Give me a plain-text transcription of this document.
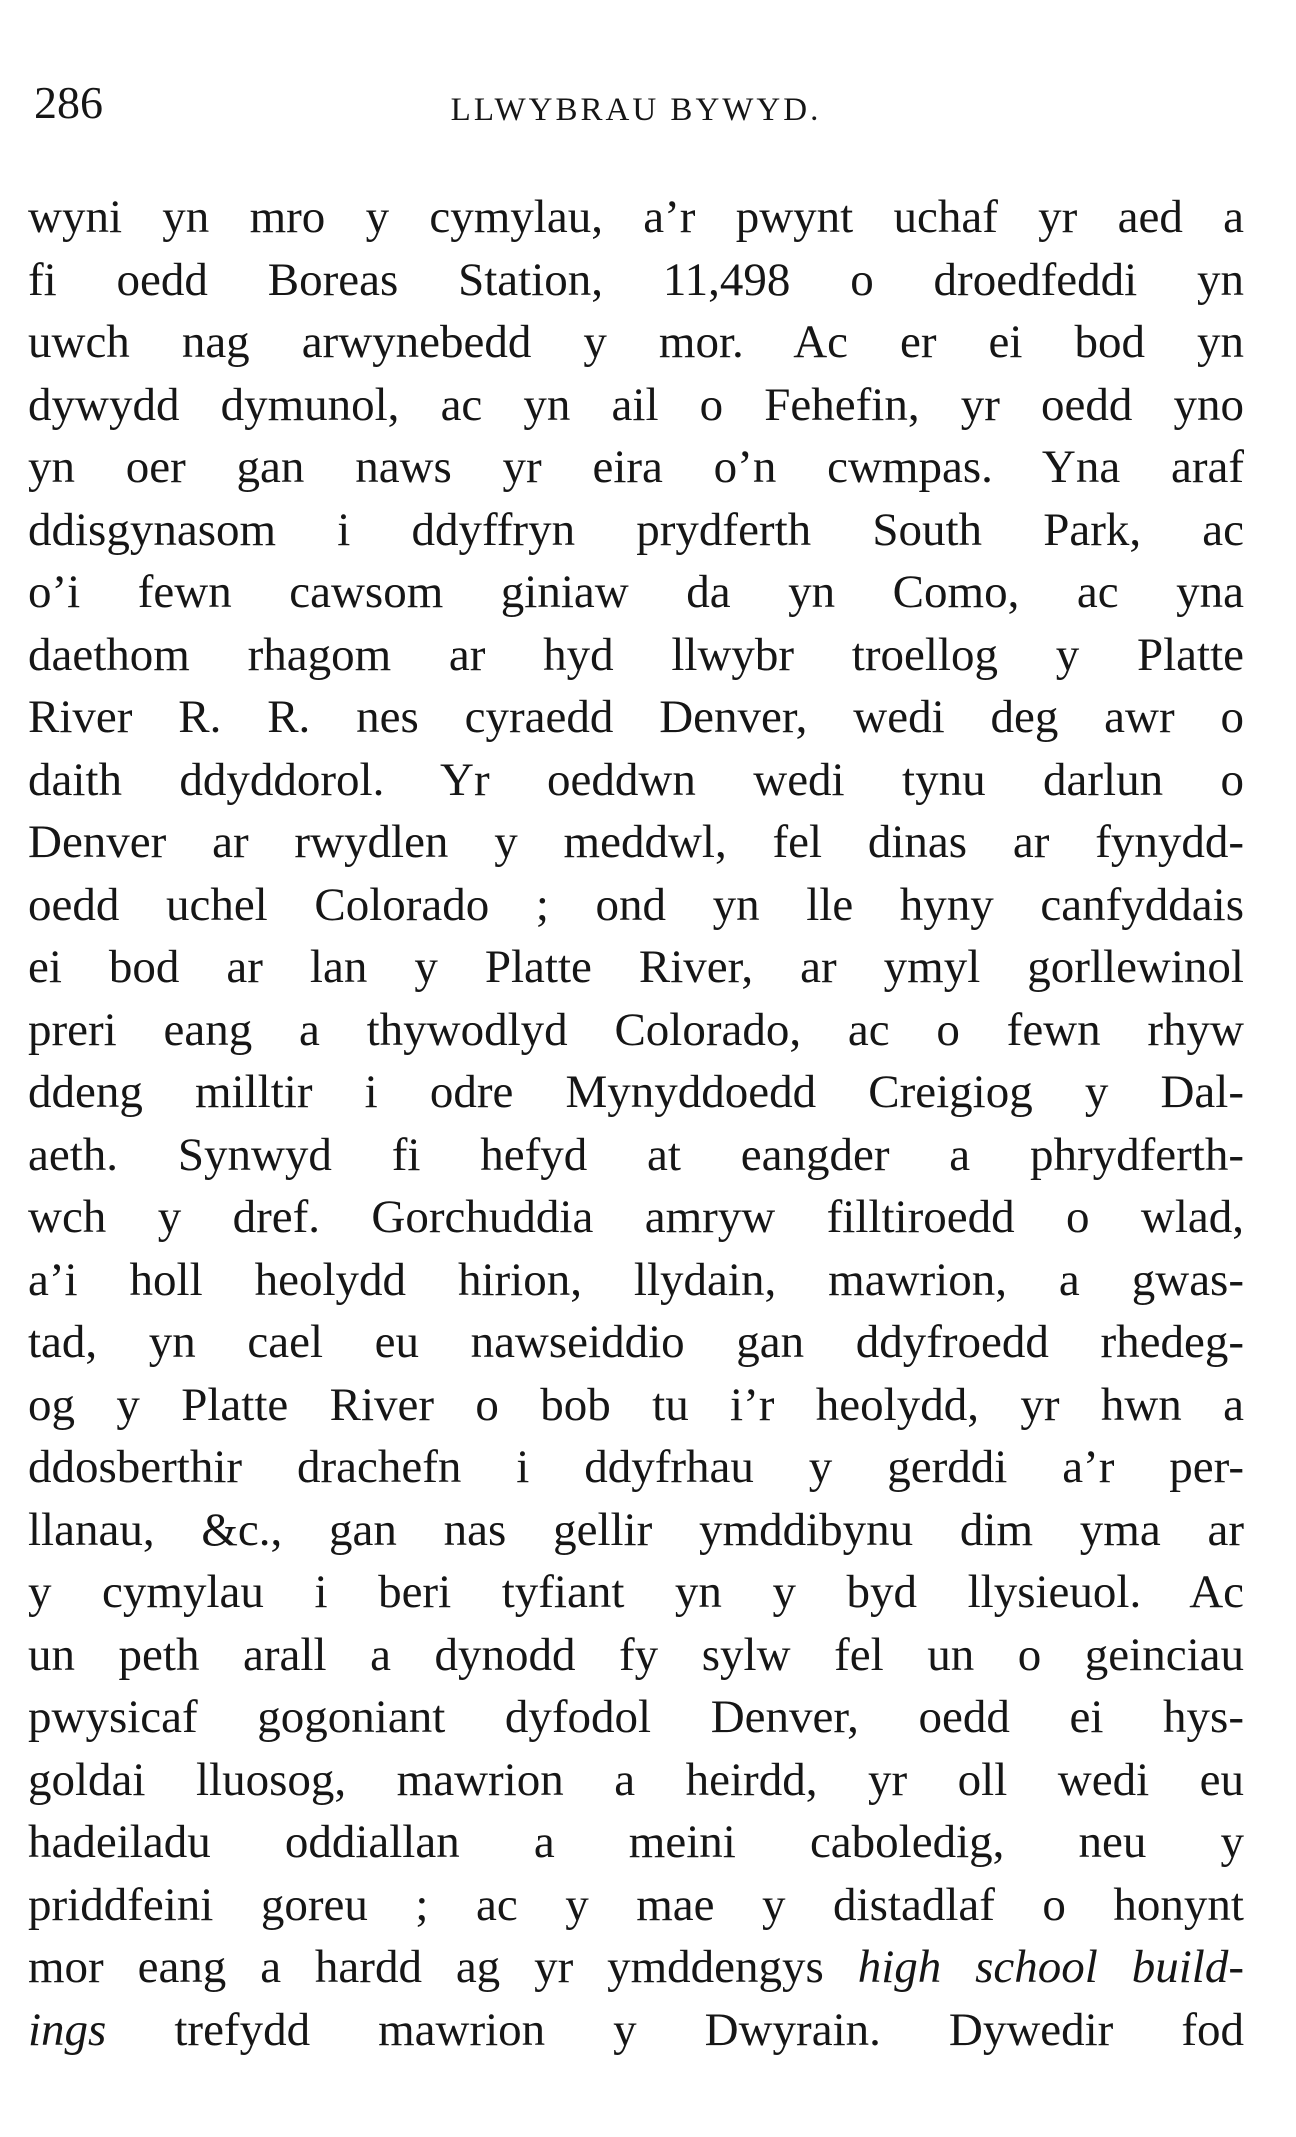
286	LLWYBRAU BYWYD.
wyni yn mro y cymylau, a’r pwynt uchaf yr aed a
fi oedd Boreas Station, 11,498 o droedfeddi yn
uwch nag arwynebedd y mor. Ac er ei bod yn
dywydd dymunol, ac yn ail o Fehefin, yr oedd yno
yn oer gan naws yr eira o’n cwmpas. Yna araf
ddisgynasom i ddyffryn prydferth South Park, ac
o’i fewn cawsom giniaw da yn Como, ac yna
daethom rhagom ar hyd llwybr troellog y Platte
River R. R. nes cyraedd Denver, wedi deg awr o
daith ddyddorol. Yr oeddwn wedi tynu darlun o
Denver ar rwydlen y meddwl, fel dinas ar fynydd-
oedd uchel Colorado ; ond yn lle hyny canfyddais
ei bod ar lan y Platte River, ar ymyl gorllewinol
preri eang a thywodlyd Colorado, ac o fewn rhyw
ddeng milltir i odre Mynyddoedd Creigiog y Dal-
aeth. Synwyd fi hefyd at eangder a phrydferth-
wch y dref. Gorchuddia amryw filltiroedd o wlad,
a’i holl heolydd hirion, llydain, mawrion, a gwas-
tad, yn cael eu nawseiddio gan ddyfroedd rhedeg-
og y Platte River o bob tu i’r heolydd, yr hwn a
ddosberthir drachefn i ddyfrhau y gerddi a’r per-
llanau, &c., gan nas gellir ymddibynu dim yma ar
y cymylau i beri tyfiant yn y byd llysieuol. Ac
un peth arall a dynodd fy sylw fel un o geinciau
pwysicaf gogoniant dyfodol Denver, oedd ei hys-
goldai lluosog, mawrion a heirdd, yr oll wedi eu
hadeiladu oddiallan a meini caboledig, neu y
priddfeini goreu ; ac y mae y distadlaf o honynt
mor eang a hardd ag yr ymddengys high school build-
ings trefydd mawrion y Dwyrain. Dywedir fod
